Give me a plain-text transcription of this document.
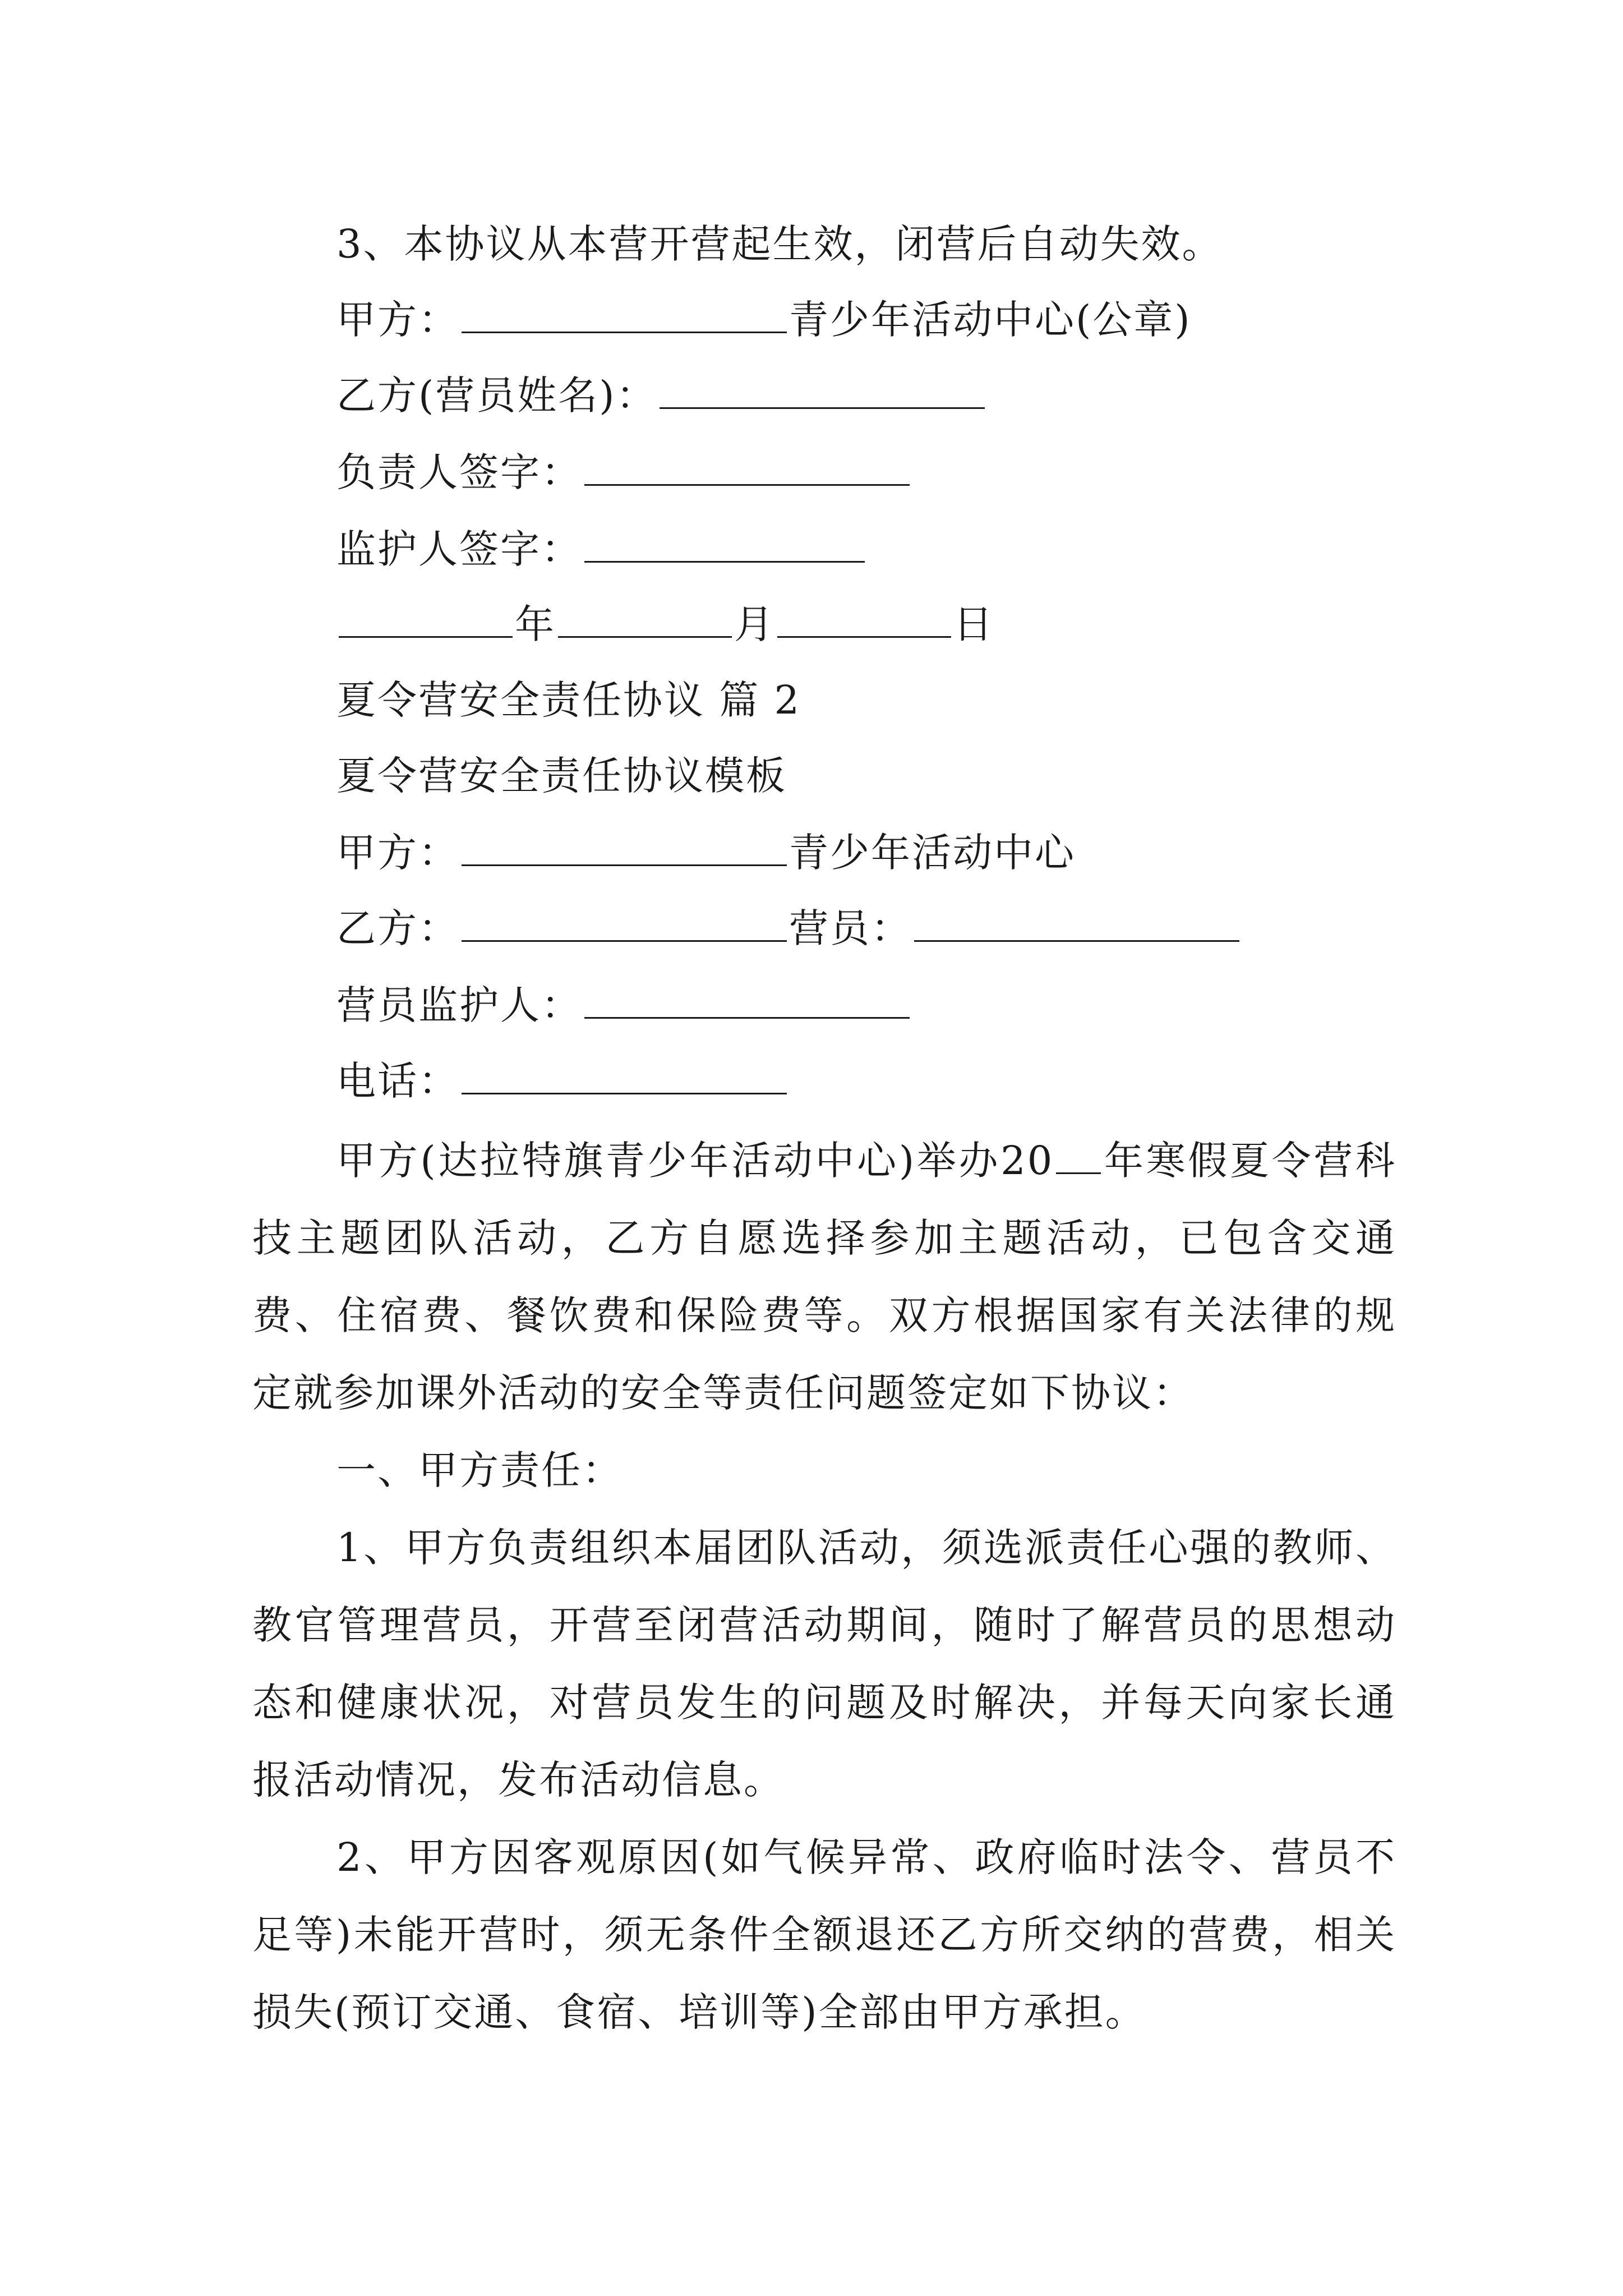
3、本协议从本营开营起生效，闭营后自动失效。
甲方：	青少年活动中心(公章)
乙方(营员姓名)：
负责人签字：
监护人签字：
年	月	日
夏令营安全责任协议 篇 2
夏令营安全责任协议模板
甲方：	青少年活动中心
乙方：	营员：
营员监护人：
电话：
甲方(达拉特旗青少年活动中心)举办20 年寒假夏令营科技主题团队活动，乙方自愿选择参加主题活动，已包含交通费、住宿费、餐饮费和保险费等。双方根据国家有关法律的规定就参加课外活动的安全等责任问题签定如下协议：
一、甲方责任：
1、甲方负责组织本届团队活动，须选派责任心强的教师、教官管理营员，开营至闭营活动期间，随时了解营员的思想动态和健康状况，对营员发生的问题及时解决，并每天向家长通报活动情况，发布活动信息。
2、甲方因客观原因(如气候异常、政府临时法令、营员不足等)未能开营时，须无条件全额退还乙方所交纳的营费，相关损失(预订交通、食宿、培训等)全部由甲方承担。
